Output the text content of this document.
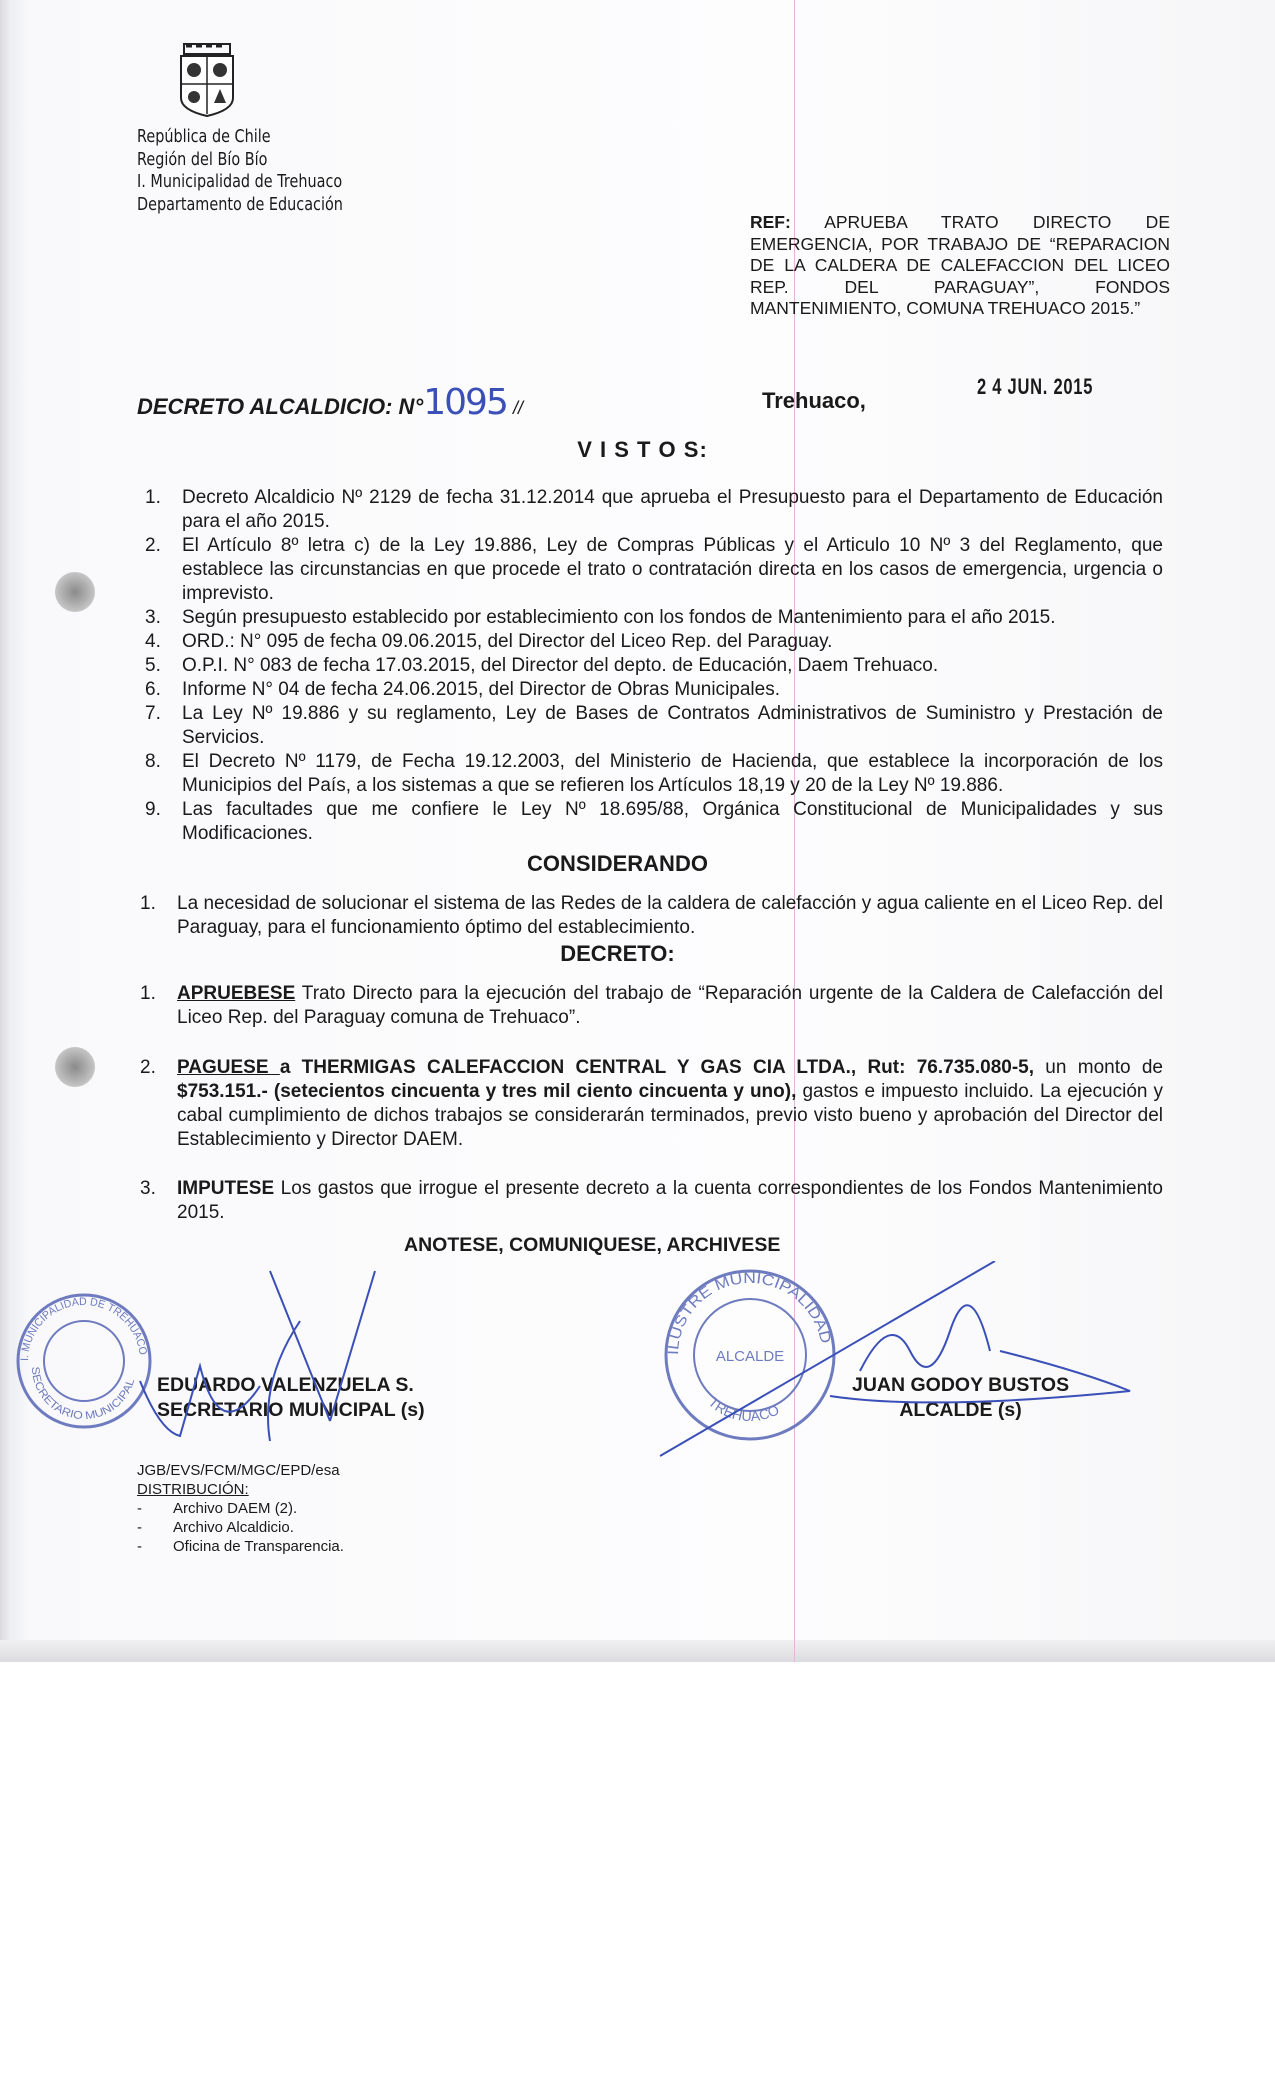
República de Chile
Región del Bío Bío
I. Municipalidad de Trehuaco
Departamento de Educación
REF: APRUEBA TRATO DIRECTO DE EMERGENCIA, POR TRABAJO DE “REPARACION DE LA CALDERA DE CALEFACCION DEL LICEO REP. DEL PARAGUAY”, FONDOS MANTENIMIENTO, COMUNA TREHUACO 2015.”
DECRETO ALCALDICIO: N°1095 //	Trehuaco,
2 4 JUN. 2015
V I S T O S:
1. Decreto Alcaldicio Nº 2129 de fecha 31.12.2014 que aprueba el Presupuesto para el Departamento de Educación para el año 2015.
2. El Artículo 8º letra c) de la Ley 19.886, Ley de Compras Públicas y el Articulo 10 Nº 3 del Reglamento, que establece las circunstancias en que procede el trato o contratación directa en los casos de emergencia, urgencia o imprevisto.
3. Según presupuesto establecido por establecimiento con los fondos de Mantenimiento para el año 2015.
4. ORD.: N° 095 de fecha 09.06.2015, del Director del Liceo Rep. del Paraguay.
5. O.P.I. N° 083 de fecha 17.03.2015, del Director del depto. de Educación, Daem Trehuaco.
6. Informe N° 04 de fecha 24.06.2015, del Director de Obras Municipales.
7. La Ley Nº 19.886 y su reglamento, Ley de Bases de Contratos Administrativos de Suministro y Prestación de Servicios.
8. El Decreto Nº 1179, de Fecha 19.12.2003, del Ministerio de Hacienda, que establece la incorporación de los Municipios del País, a los sistemas a que se refieren los Artículos 18,19 y 20 de la Ley Nº 19.886.
9. Las facultades que me confiere le Ley Nº 18.695/88, Orgánica Constitucional de Municipalidades y sus Modificaciones.
CONSIDERANDO
1. La necesidad de solucionar el sistema de las Redes de la caldera de calefacción y agua caliente en el Liceo Rep. del Paraguay, para el funcionamiento óptimo del establecimiento.
DECRETO:
1. APRUEBESE Trato Directo para la ejecución del trabajo de “Reparación urgente de la Caldera de Calefacción del Liceo Rep. del Paraguay comuna de Trehuaco”.
2. PAGUESE a THERMIGAS CALEFACCION CENTRAL Y GAS CIA LTDA., Rut: 76.735.080-5, un monto de $753.151.- (setecientos cincuenta y tres mil ciento cincuenta y uno), gastos e impuesto incluido. La ejecución y cabal cumplimiento de dichos trabajos se considerarán terminados, previo visto bueno y aprobación del Director del Establecimiento y Director DAEM.
3. IMPUTESE Los gastos que irrogue el presente decreto a la cuenta correspondientes de los Fondos Mantenimiento 2015.
ANOTESE, COMUNIQUESE, ARCHIVESE
I. MUNICIPALIDAD DE TREHUACO
SECRETARIO MUNICIPAL
ILUSTRE MUNICIPALIDAD
ALCALDE
TREHUACO
EDUARDO VALENZUELA S.
SECRETARIO MUNICIPAL (s)
JUAN GODOY BUSTOS
ALCALDE (s)
JGB/EVS/FCM/MGC/EPD/esa
DISTRIBUCIÓN:
- Archivo DAEM (2).
- Archivo Alcaldicio.
- Oficina de Transparencia.
